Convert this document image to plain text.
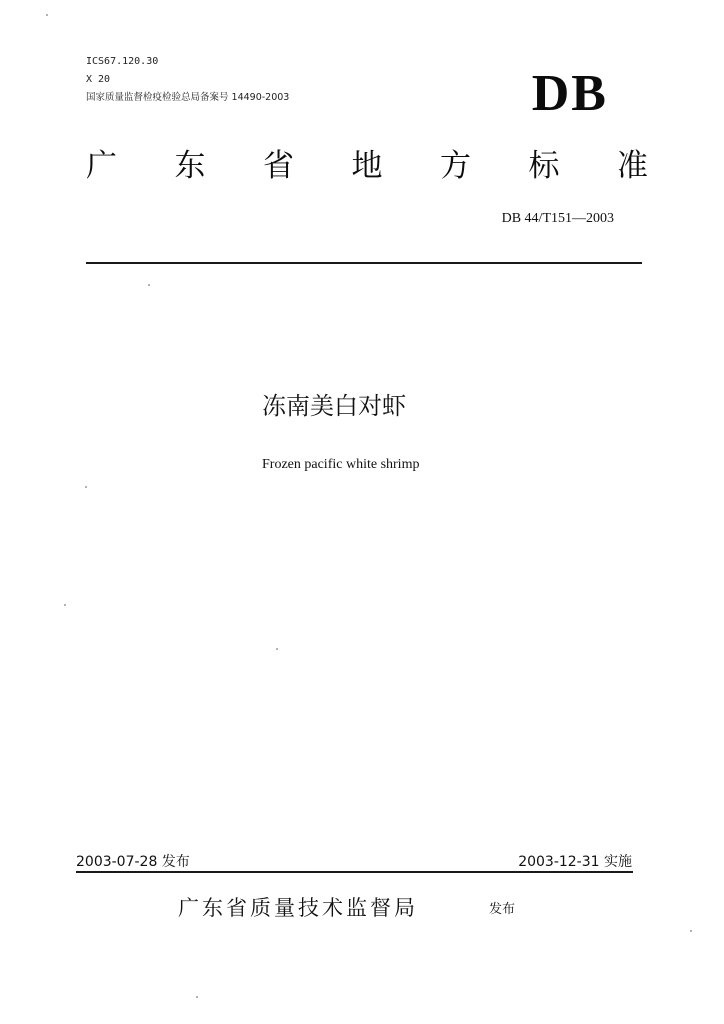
ICS67.120.30
X 20
国家质量监督检疫检验总局备案号 14490-2003	DB
广 东 省 地 方 标 准
DB 44/T151—2003
冻南美白对虾
Frozen pacific white shrimp
2003-07-28 发布	2003-12-31 实施
广东省质量技术监督局	发布
